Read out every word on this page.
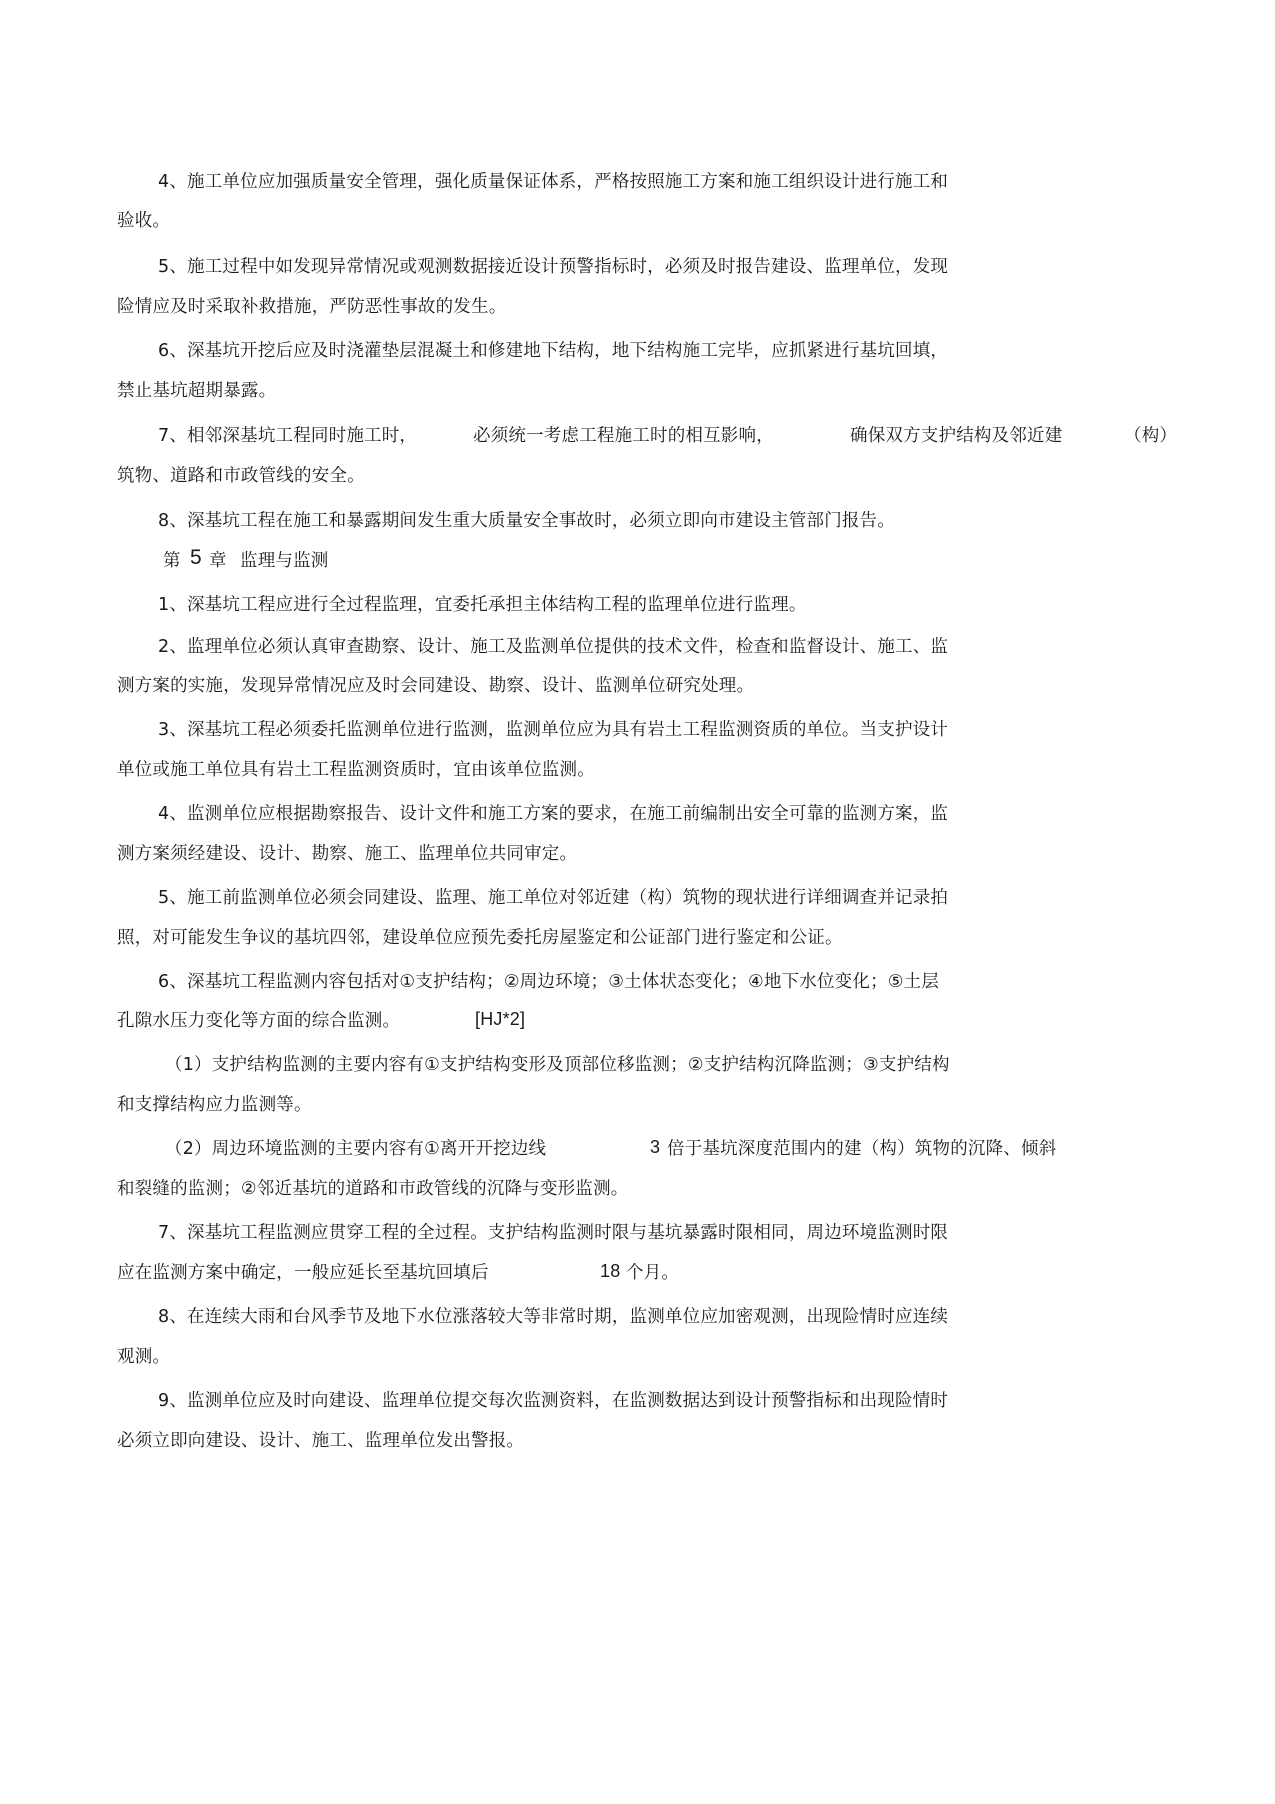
4、施工单位应加强质量安全管理，强化质量保证体系，严格按照施工方案和施工组织设计进行施工和
验收。
5、施工过程中如发现异常情况或观测数据接近设计预警指标时，必须及时报告建设、监理单位，发现
险情应及时采取补救措施，严防恶性事故的发生。
6、深基坑开挖后应及时浇灌垫层混凝土和修建地下结构，地下结构施工完毕，应抓紧进行基坑回填，
禁止基坑超期暴露。
7、相邻深基坑工程同时施工时，	必须统一考虑工程施工时的相互影响，	确保双方支护结构及邻近建	（构）
筑物、道路和市政管线的安全。
8、深基坑工程在施工和暴露期间发生重大质量安全事故时，必须立即向市建设主管部门报告。
第 5 章 监理与监测
1、深基坑工程应进行全过程监理，宜委托承担主体结构工程的监理单位进行监理。
2、监理单位必须认真审查勘察、设计、施工及监测单位提供的技术文件，检查和监督设计、施工、监
测方案的实施，发现异常情况应及时会同建设、勘察、设计、监测单位研究处理。
3、深基坑工程必须委托监测单位进行监测，监测单位应为具有岩土工程监测资质的单位。当支护设计
单位或施工单位具有岩土工程监测资质时，宜由该单位监测。
4、监测单位应根据勘察报告、设计文件和施工方案的要求，在施工前编制出安全可靠的监测方案，监
测方案须经建设、设计、勘察、施工、监理单位共同审定。
5、施工前监测单位必须会同建设、监理、施工单位对邻近建（构）筑物的现状进行详细调查并记录拍
照，对可能发生争议的基坑四邻，建设单位应预先委托房屋鉴定和公证部门进行鉴定和公证。
6、深基坑工程监测内容包括对①支护结构；②周边环境；③土体状态变化；④地下水位变化；⑤土层
孔隙水压力变化等方面的综合监测。	[HJ*2]
（1）支护结构监测的主要内容有①支护结构变形及顶部位移监测；②支护结构沉降监测；③支护结构
和支撑结构应力监测等。
（2）周边环境监测的主要内容有①离开开挖边线	3 倍于基坑深度范围内的建（构）筑物的沉降、倾斜
和裂缝的监测；②邻近基坑的道路和市政管线的沉降与变形监测。
7、深基坑工程监测应贯穿工程的全过程。支护结构监测时限与基坑暴露时限相同，周边环境监测时限
应在监测方案中确定，一般应延长至基坑回填后	18 个月。
8、在连续大雨和台风季节及地下水位涨落较大等非常时期，监测单位应加密观测，出现险情时应连续
观测。
9、监测单位应及时向建设、监理单位提交每次监测资料，在监测数据达到设计预警指标和出现险情时
必须立即向建设、设计、施工、监理单位发出警报。
